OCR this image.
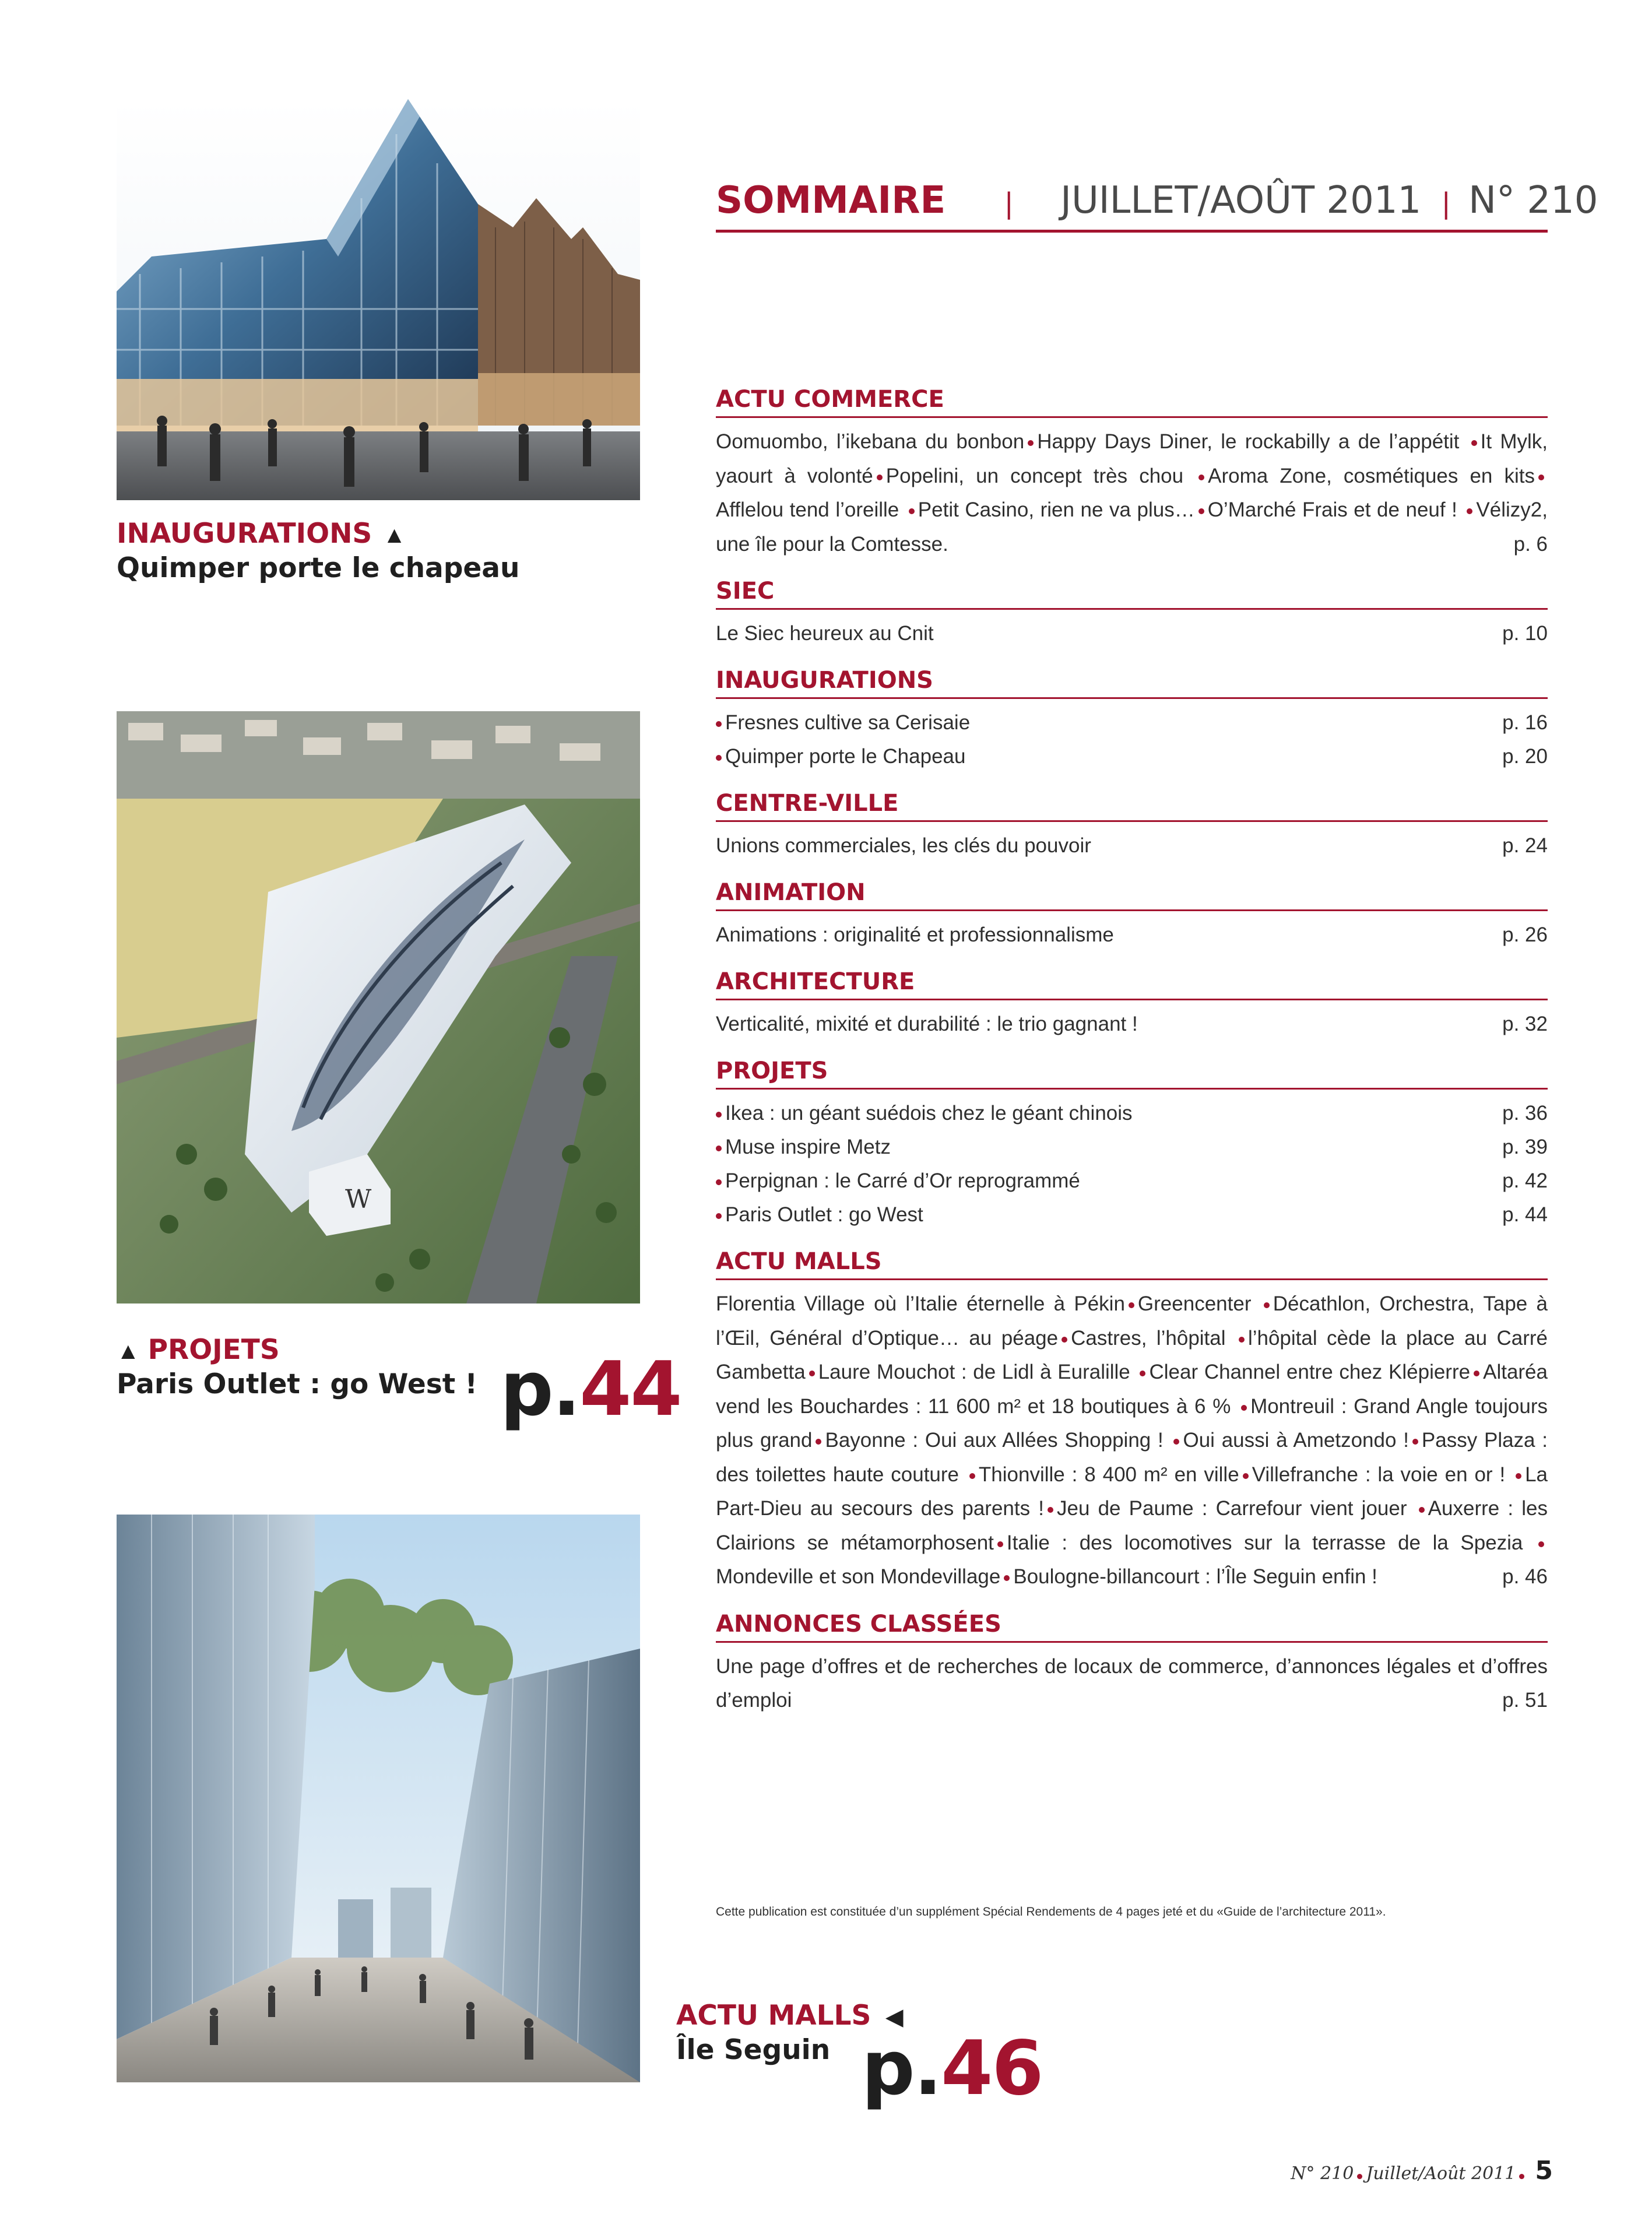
INAUGURATIONS ▲
Quimper porte le chapeau
W
▲ PROJETS
Paris Outlet : go West ! p.44
ACTU MALLS ◀
Île Seguin p.46
SOMMAIRE | JUILLET/AOÛT 2011 | N° 210
ACTU COMMERCE
Oomuombo, l’ikebana du bonbon Happy Days Diner, le rockabilly a de l’appétit It Mylk, yaourt à volonté Popelini, un concept très chou Aroma Zone, cosmétiques en kitsAfflelou tend l’oreille Petit Casino, rien ne va plus… O’Marché Frais et de neuf ! Vélizy2, une île pour la Comtesse.	p. 6
SIEC
Le Siec heureux au Cnit	p. 10
INAUGURATIONS
Fresnes cultive sa Cerisaie	p. 16
Quimper porte le Chapeau	p. 20
CENTRE-VILLE
Unions commerciales, les clés du pouvoir	p. 24
ANIMATION
Animations : originalité et professionnalisme	p. 26
ARCHITECTURE
Verticalité, mixité et durabilité : le trio gagnant !	p. 32
PROJETS
Ikea : un géant suédois chez le géant chinois	p. 36
Muse inspire Metz	p. 39
Perpignan : le Carré d’Or reprogrammé	p. 42
Paris Outlet : go West	p. 44
ACTU MALLS
Florentia Village où l’Italie éternelle à Pékin Greencenter Décathlon, Orchestra, Tape à l’Œil, Général d’Optique… au péage Castres, l’hôpital l’hôpital cède la place au Carré Gambetta Laure Mouchot : de Lidl à Euralille Clear Channel entre chez Klépierre Altaréa vend les Bouchardes : 11 600 m² et 18 boutiques à 6 % Montreuil : Grand Angle toujours plus grand Bayonne : Oui aux Allées Shopping ! Oui aussi à Ametzondo ! Passy Plaza : des toilettes haute couture Thionville : 8 400 m² en ville Villefranche : la voie en or ! La Part-Dieu au secours des parents ! Jeu de Paume : Carrefour vient jouer Auxerre : les Clairions se métamorphosent Italie : des locomotives sur la terrasse de la Spezia Mondeville et son Mondevillage Boulogne-billancourt : l’Île Seguin enfin !	p. 46
ANNONCES CLASSÉES
Une page d’offres et de recherches de locaux de commerce, d’annonces légales et d’offres d’emploi	p. 51
Cette publication est constituée d’un supplément Spécial Rendements de 4 pages jeté et du «Guide de l’architecture 2011».
N° 210 Juillet/Août 2011 5
